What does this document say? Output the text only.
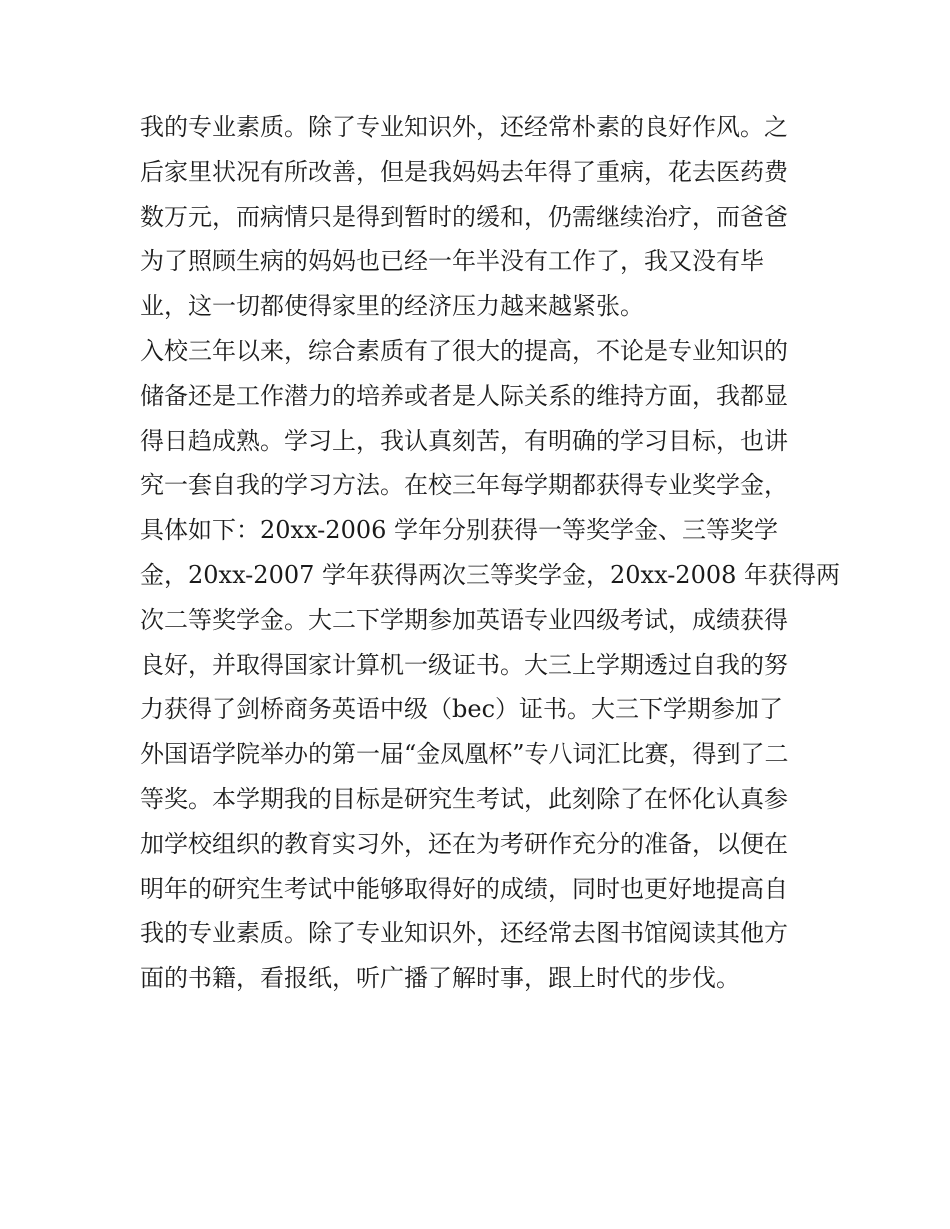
我的专业素质。除了专业知识外，还经常朴素的良好作风。之
后家里状况有所改善，但是我妈妈去年得了重病，花去医药费
数万元，而病情只是得到暂时的缓和，仍需继续治疗，而爸爸
为了照顾生病的妈妈也已经一年半没有工作了，我又没有毕
业，这一切都使得家里的经济压力越来越紧张。
入校三年以来，综合素质有了很大的提高，不论是专业知识的
储备还是工作潜力的培养或者是人际关系的维持方面，我都显
得日趋成熟。学习上，我认真刻苦，有明确的学习目标，也讲
究一套自我的学习方法。在校三年每学期都获得专业奖学金，
具体如下：20xx-2006 学年分别获得一等奖学金、三等奖学
金，20xx-2007 学年获得两次三等奖学金，20xx-2008 年获得两
次二等奖学金。大二下学期参加英语专业四级考试，成绩获得
良好，并取得国家计算机一级证书。大三上学期透过自我的努
力获得了剑桥商务英语中级（bec）证书。大三下学期参加了
外国语学院举办的第一届“金凤凰杯”专八词汇比赛，得到了二
等奖。本学期我的目标是研究生考试，此刻除了在怀化认真参
加学校组织的教育实习外，还在为考研作充分的准备，以便在
明年的研究生考试中能够取得好的成绩，同时也更好地提高自
我的专业素质。除了专业知识外，还经常去图书馆阅读其他方
面的书籍，看报纸，听广播了解时事，跟上时代的步伐。
